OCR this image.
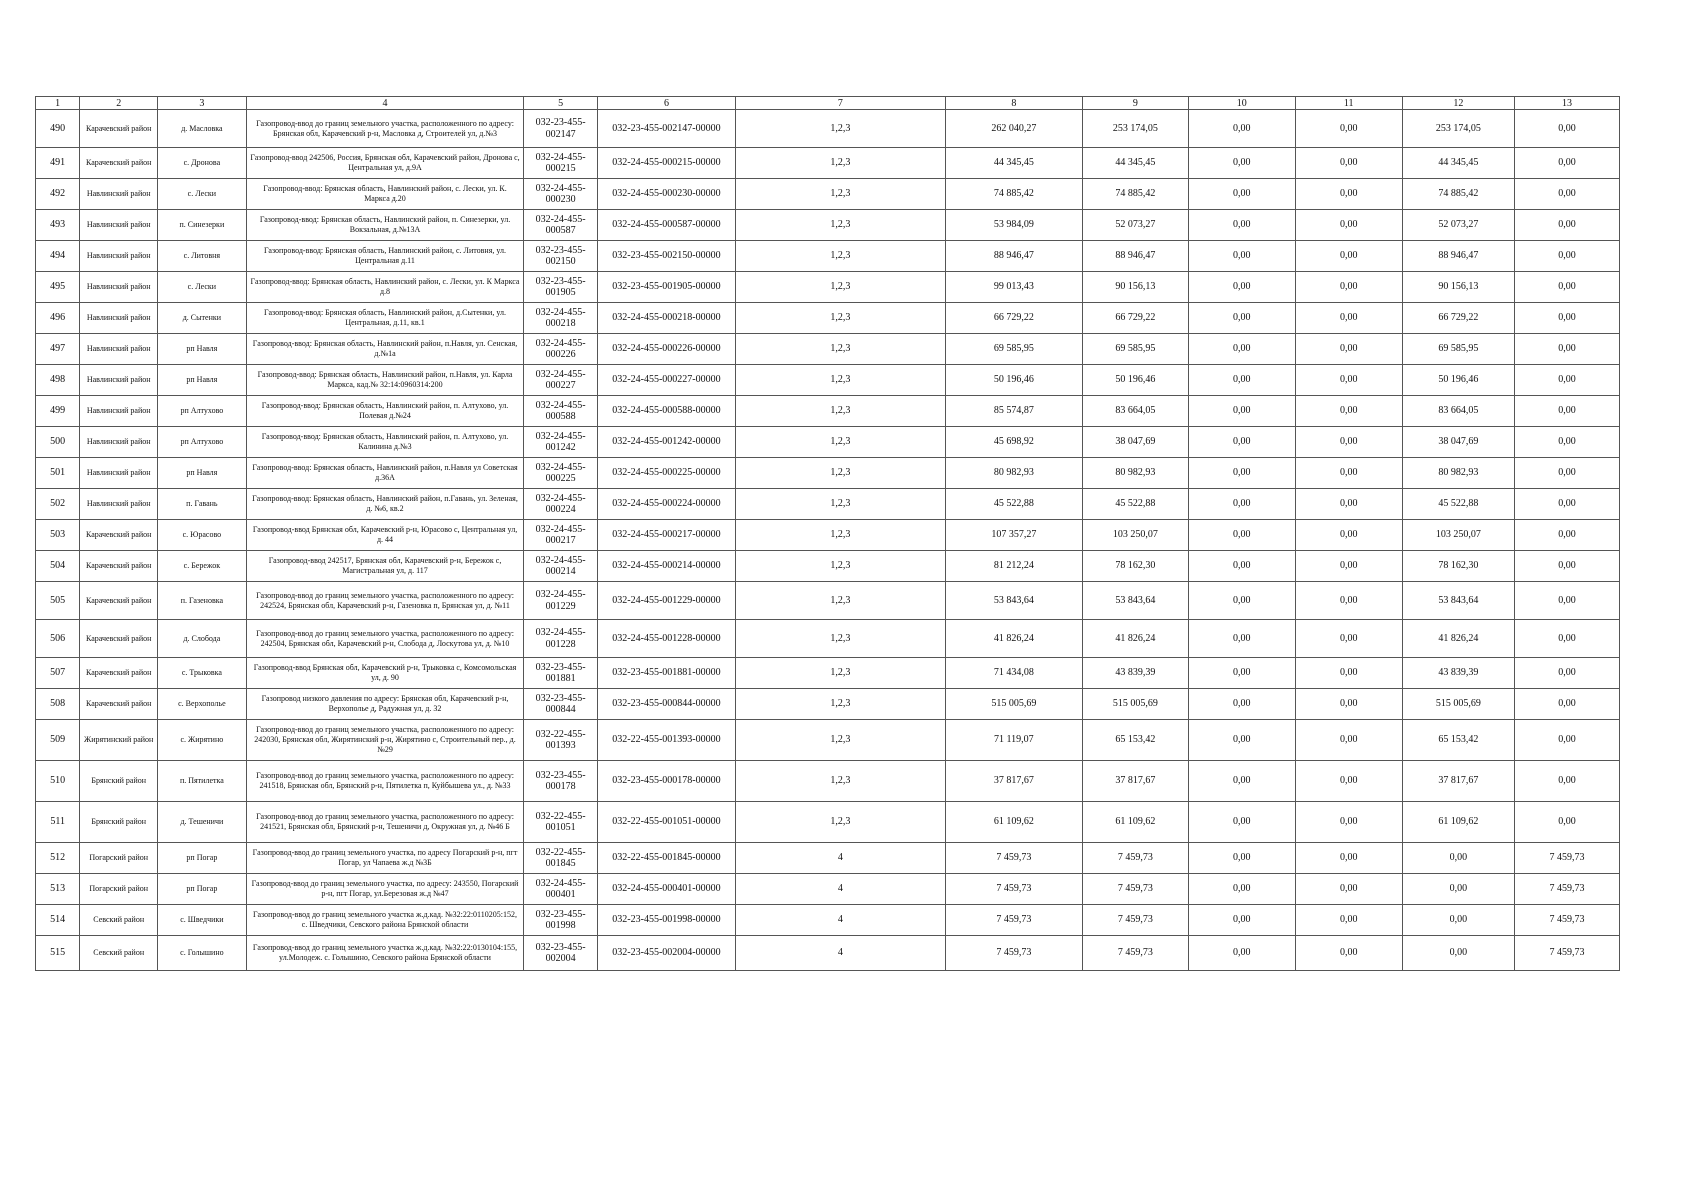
1	2	3	4	5	6	7	8	9	10	11	12	13
490	Карачевский район	д. Масловка	Газопровод-ввод до границ земельного участка, расположенного по адресу: Брянская обл, Карачевский р-н, Масловка д, Строителей ул, д.№3	032-23-455-002147	032-23-455-002147-00000	1,2,3	262 040,27	253 174,05	0,00	0,00	253 174,05	0,00
491	Карачевский район	с. Дронова	Газопровод-ввод 242506, Россия, Брянская обл, Карачевский район, Дронова с, Центральная ул, д.9А	032-24-455-000215	032-24-455-000215-00000	1,2,3	44 345,45	44 345,45	0,00	0,00	44 345,45	0,00
492	Навлинский район	с. Лески	Газопровод-ввод: Брянская область, Навлинский район, с. Лески, ул. К. Маркса д.20	032-24-455-000230	032-24-455-000230-00000	1,2,3	74 885,42	74 885,42	0,00	0,00	74 885,42	0,00
493	Навлинский район	п. Синезерки	Газопровод-ввод: Брянская область, Навлинский район, п. Синезерки, ул. Вокзальная, д.№13А	032-24-455-000587	032-24-455-000587-00000	1,2,3	53 984,09	52 073,27	0,00	0,00	52 073,27	0,00
494	Навлинский район	с. Литовня	Газопровод-ввод: Брянская область, Навлинский район, с. Литовня, ул. Центральная д.11	032-23-455-002150	032-23-455-002150-00000	1,2,3	88 946,47	88 946,47	0,00	0,00	88 946,47	0,00
495	Навлинский район	с. Лески	Газопровод-ввод: Брянская область, Навлинский район, с. Лески, ул. К Маркса д.8	032-23-455-001905	032-23-455-001905-00000	1,2,3	99 013,43	90 156,13	0,00	0,00	90 156,13	0,00
496	Навлинский район	д. Сытенки	Газопровод-ввод: Брянская область, Навлинский район, д.Сытенки, ул. Центральная, д.11, кв.1	032-24-455-000218	032-24-455-000218-00000	1,2,3	66 729,22	66 729,22	0,00	0,00	66 729,22	0,00
497	Навлинский район	рп Навля	Газопровод-ввод: Брянская область, Навлинский район, п.Навля, ул. Сенская, д.№1а	032-24-455-000226	032-24-455-000226-00000	1,2,3	69 585,95	69 585,95	0,00	0,00	69 585,95	0,00
498	Навлинский район	рп Навля	Газопровод-ввод: Брянская область, Навлинский район, п.Навля, ул. Карла Маркса, кад.№ 32:14:0960314:200	032-24-455-000227	032-24-455-000227-00000	1,2,3	50 196,46	50 196,46	0,00	0,00	50 196,46	0,00
499	Навлинский район	рп Алтухово	Газопровод-ввод: Брянская область, Навлинский район, п. Алтухово, ул. Полевая д.№24	032-24-455-000588	032-24-455-000588-00000	1,2,3	85 574,87	83 664,05	0,00	0,00	83 664,05	0,00
500	Навлинский район	рп Алтухово	Газопровод-ввод: Брянская область, Навлинский район, п. Алтухово, ул. Калинина д.№3	032-24-455-001242	032-24-455-001242-00000	1,2,3	45 698,92	38 047,69	0,00	0,00	38 047,69	0,00
501	Навлинский район	рп Навля	Газопровод-ввод: Брянская область, Навлинский район, п.Навля ул Советская д.36А	032-24-455-000225	032-24-455-000225-00000	1,2,3	80 982,93	80 982,93	0,00	0,00	80 982,93	0,00
502	Навлинский район	п. Гавань	Газопровод-ввод: Брянская область, Навлинский район, п.Гавань, ул. Зеленая, д. №6, кв.2	032-24-455-000224	032-24-455-000224-00000	1,2,3	45 522,88	45 522,88	0,00	0,00	45 522,88	0,00
503	Карачевский район	с. Юрасово	Газопровод-ввод Брянская обл, Карачевский р-н, Юрасово с, Центральная ул, д. 44	032-24-455-000217	032-24-455-000217-00000	1,2,3	107 357,27	103 250,07	0,00	0,00	103 250,07	0,00
504	Карачевский район	с. Бережок	Газопровод-ввод 242517, Брянская обл, Карачевский р-н, Бережок с, Магистральная ул, д. 117	032-24-455-000214	032-24-455-000214-00000	1,2,3	81 212,24	78 162,30	0,00	0,00	78 162,30	0,00
505	Карачевский район	п. Газеновка	Газопровод-ввод до границ земельного участка, расположенного по адресу: 242524, Брянская обл, Карачевский р-н, Газеновка п, Брянская ул, д. №11	032-24-455-001229	032-24-455-001229-00000	1,2,3	53 843,64	53 843,64	0,00	0,00	53 843,64	0,00
506	Карачевский район	д. Слобода	Газопровод-ввод до границ земельного участка, расположенного по адресу: 242504, Брянская обл, Карачевский р-н, Слобода д, Лоскутова ул, д. №10	032-24-455-001228	032-24-455-001228-00000	1,2,3	41 826,24	41 826,24	0,00	0,00	41 826,24	0,00
507	Карачевский район	с. Трыковка	Газопровод-ввод Брянская обл, Карачевский р-н, Трыковка с, Комсомольская ул, д. 90	032-23-455-001881	032-23-455-001881-00000	1,2,3	71 434,08	43 839,39	0,00	0,00	43 839,39	0,00
508	Карачевский район	с. Верхополье	Газопровод низкого давления по адресу: Брянская обл, Карачевский р-н, Верхополье д, Радужная ул, д. 32	032-23-455-000844	032-23-455-000844-00000	1,2,3	515 005,69	515 005,69	0,00	0,00	515 005,69	0,00
509	Жирятинский район	с. Жирятино	Газопровод-ввод до границ земельного участка, расположенного по адресу: 242030, Брянская обл, Жирятинский р-н, Жирятино с, Строительный пер., д. №29	032-22-455-001393	032-22-455-001393-00000	1,2,3	71 119,07	65 153,42	0,00	0,00	65 153,42	0,00
510	Брянский район	п. Пятилетка	Газопровод-ввод до границ земельного участка, расположенного по адресу: 241518, Брянская обл, Брянский р-н, Пятилетка п, Куйбышева ул., д. №33	032-23-455-000178	032-23-455-000178-00000	1,2,3	37 817,67	37 817,67	0,00	0,00	37 817,67	0,00
511	Брянский район	д. Тешеничи	Газопровод-ввод до границ земельного участка, расположенного по адресу: 241521, Брянская обл, Брянский р-н, Тешеничи д, Окружная ул, д. №46 Б	032-22-455-001051	032-22-455-001051-00000	1,2,3	61 109,62	61 109,62	0,00	0,00	61 109,62	0,00
512	Погарский район	рп Погар	Газопровод-ввод до границ земельного участка, по адресу Погарский р-н, пгт Погар, ул Чапаева ж.д №3Б	032-22-455-001845	032-22-455-001845-00000	4	7 459,73	7 459,73	0,00	0,00	0,00	7 459,73
513	Погарский район	рп Погар	Газопровод-ввод до границ земельного участка, по адресу: 243550, Погарский р-н, пгт Погар, ул.Березовая ж.д №47	032-24-455-000401	032-24-455-000401-00000	4	7 459,73	7 459,73	0,00	0,00	0,00	7 459,73
514	Севский район	с. Шведчики	Газопровод-ввод до границ земельного участка ж.д.кад. №32:22:0110205:152, с. Шведчики, Севского района Брянской области	032-23-455-001998	032-23-455-001998-00000	4	7 459,73	7 459,73	0,00	0,00	0,00	7 459,73
515	Севский район	с. Голышино	Газопровод-ввод до границ земельного участка ж.д.кад. №32:22:0130104:155, ул.Молодеж. с. Голышино, Севского района Брянской области	032-23-455-002004	032-23-455-002004-00000	4	7 459,73	7 459,73	0,00	0,00	0,00	7 459,73
